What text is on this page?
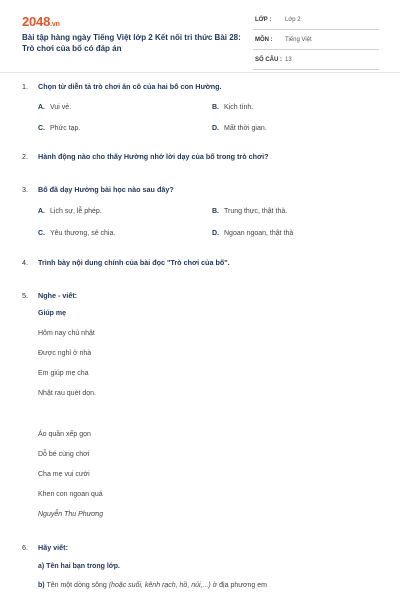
2048.vn
Bài tập hàng ngày Tiếng Việt lớp 2 Kết nối tri thức Bài 28: Trò chơi của bố có đáp án
LỚP : Lớp 2
MÔN : Tiếng Việt
SỐ CÂU : 13
1. Chọn từ diễn tả trò chơi ăn cô của hai bố con Hường.
A. Vui vẻ.	B. Kịch tính.
C. Phức tạp.	D. Mất thời gian.
2. Hành động nào cho thấy Hường nhớ lời dạy của bố trong trò chơi?
3. Bố đã dạy Hường bài học nào sau đây?
A. Lịch sự, lễ phép.	B. Trung thực, thật thà.
C. Yêu thương, sẻ chia.	D. Ngoan ngoan, thật thà
4. Trình bày nội dung chính của bài đọc "Trò chơi của bố".
5. Nghe - viết:
Giúp mẹ
Hôm nay chủ nhật
Được nghỉ ở nhà
Em giúp mẹ cha
Nhặt rau quét dọn.
Áo quần xếp gọn
Dỗ bé cùng chơi
Cha mẹ vui cười
Khen con ngoan quá
Nguyễn Thu Phương
6. Hãy viết:
a) Tên hai bạn trong lớp.
b) Tên một dòng sông (hoặc suối, kênh rạch, hồ, núi,...) ở địa phương em
